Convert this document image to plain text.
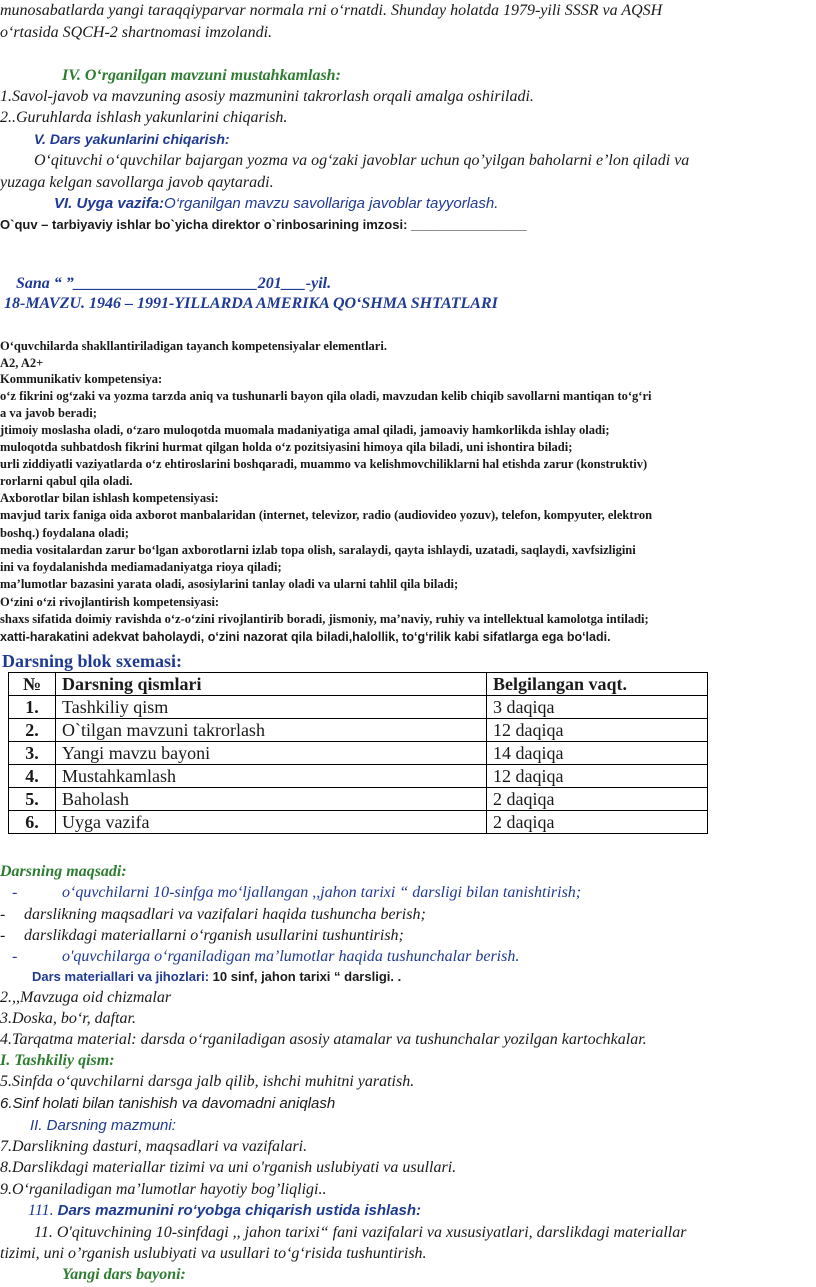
munosabatlarda yangi taraqqiyparvar normala rni o‘rnatdi. Shunday holatda 1979-yili SSSR va AQSH
o‘rtasida SQCH-2 shartnomasi imzolandi.
IV. O‘rganilgan mavzuni mustahkamlash:
1.Savol-javob va mavzuning asosiy mazmunini takrorlash orqali amalga oshiriladi.
2..Guruhlarda ishlash yakunlarini chiqarish.
V. Dars yakunlarini chiqarish:
O‘qituvchi o‘quvchilar bajargan yozma va og‘zaki javoblar uchun qo’yilgan baholarni e’lon qiladi va
yuzaga kelgan savollarga javob qaytaradi.
VI. Uyga vazifa:O‘rganilgan mavzu savollariga javoblar tayyorlash.
O`quv – tarbiyaviy ishlar bo`yicha direktor o`rinbosarining imzosi: ________________
Sana “ ”_______________________201___-yil.
18-MAVZU. 1946 – 1991-YILLARDA AMERIKA QO‘SHMA SHTATLARI
O‘quvchilarda shakllantiriladigan tayanch kompetensiyalar elementlari.
A2, A2+
Kommunikativ kompetensiya:
o‘z fikrini og‘zaki va yozma tarzda aniq va tushunarli bayon qila oladi, mavzudan kelib chiqib savollarni mantiqan to‘g‘ri
a va javob beradi;
jtimoiy moslasha oladi, o‘zaro muloqotda muomala madaniyatiga amal qiladi, jamoaviy hamkorlikda ishlay oladi;
muloqotda suhbatdosh fikrini hurmat qilgan holda o‘z pozitsiyasini himoya qila biladi, uni ishontira biladi;
urli ziddiyatli vaziyatlarda o‘z ehtiroslarini boshqaradi, muammo va kelishmovchiliklarni hal etishda zarur (konstruktiv)
rorlarni qabul qila oladi.
Axborotlar bilan ishlash kompetensiyasi:
mavjud tarix faniga oida axborot manbalaridan (internet, televizor, radio (audiovideo yozuv), telefon, kompyuter, elektron
boshq.) foydalana oladi;
media vositalardan zarur bo‘lgan axborotlarni izlab topa olish, saralaydi, qayta ishlaydi, uzatadi, saqlaydi, xavfsizligini
ini va foydalanishda mediamadaniyatga rioya qiladi;
ma’lumotlar bazasini yarata oladi, asosiylarini tanlay oladi va ularni tahlil qila biladi;
O‘zini o‘zi rivojlantirish kompetensiyasi:
shaxs sifatida doimiy ravishda o‘z-o‘zini rivojlantirib boradi, jismoniy, ma’naviy, ruhiy va intellektual kamolotga intiladi;
xatti-harakatini adekvat baholaydi, o‘zini nazorat qila biladi,halollik, to‘g‘rilik kabi sifatlarga ega bo‘ladi.
Darsning blok sxemasi:
№	Darsning qismlari	Belgilangan vaqt.
1.	Tashkiliy qism	3 daqiqa
2.	O`tilgan mavzuni takrorlash	12 daqiqa
3.	Yangi mavzu bayoni	14 daqiqa
4.	Mustahkamlash	12 daqiqa
5.	Baholash	2 daqiqa
6.	Uyga vazifa	2 daqiqa
Darsning maqsadi:
-	o‘quvchilarni 10-sinfga mo‘ljallangan ,,jahon tarixi “ darsligi bilan tanishtirish;
- darslikning maqsadlari va vazifalari haqida tushuncha berish;
- darslikdagi materiallarni o‘rganish usullarini tushuntirish;
-	o'quvchilarga o‘rganiladigan ma’lumotlar haqida tushunchalar berish.
Dars materiallari va jihozlari: 10 sinf, jahon tarixi “ darsligi. .
2.,,Mavzuga oid chizmalar
3.Doska, bo‘r, daftar.
4.Tarqatma material: darsda o‘rganiladigan asosiy atamalar va tushunchalar yozilgan kartochkalar.
I. Tashkiliy qism:
5.Sinfda o‘quvchilarni darsga jalb qilib, ishchi muhitni yaratish.
6.Sinf holati bilan tanishish va davomadni aniqlash
II. Darsning mazmuni:
7.Darslikning dasturi, maqsadlari va vazifalari.
8.Darslikdagi materiallar tizimi va uni o'rganish uslubiyati va usullari.
9.O‘rganiladigan ma’lumotlar hayotiy bog’liqligi..
111. Dars mazmunini ro‘yobga chiqarish ustida ishlash:
11. O'qituvchining 10-sinfdagi ,, jahon tarixi“ fani vazifalari va xususiyatlari, darslikdagi materiallar
tizimi, uni o’rganish uslubiyati va usullari to‘g‘risida tushuntirish.
Yangi dars bayoni:
